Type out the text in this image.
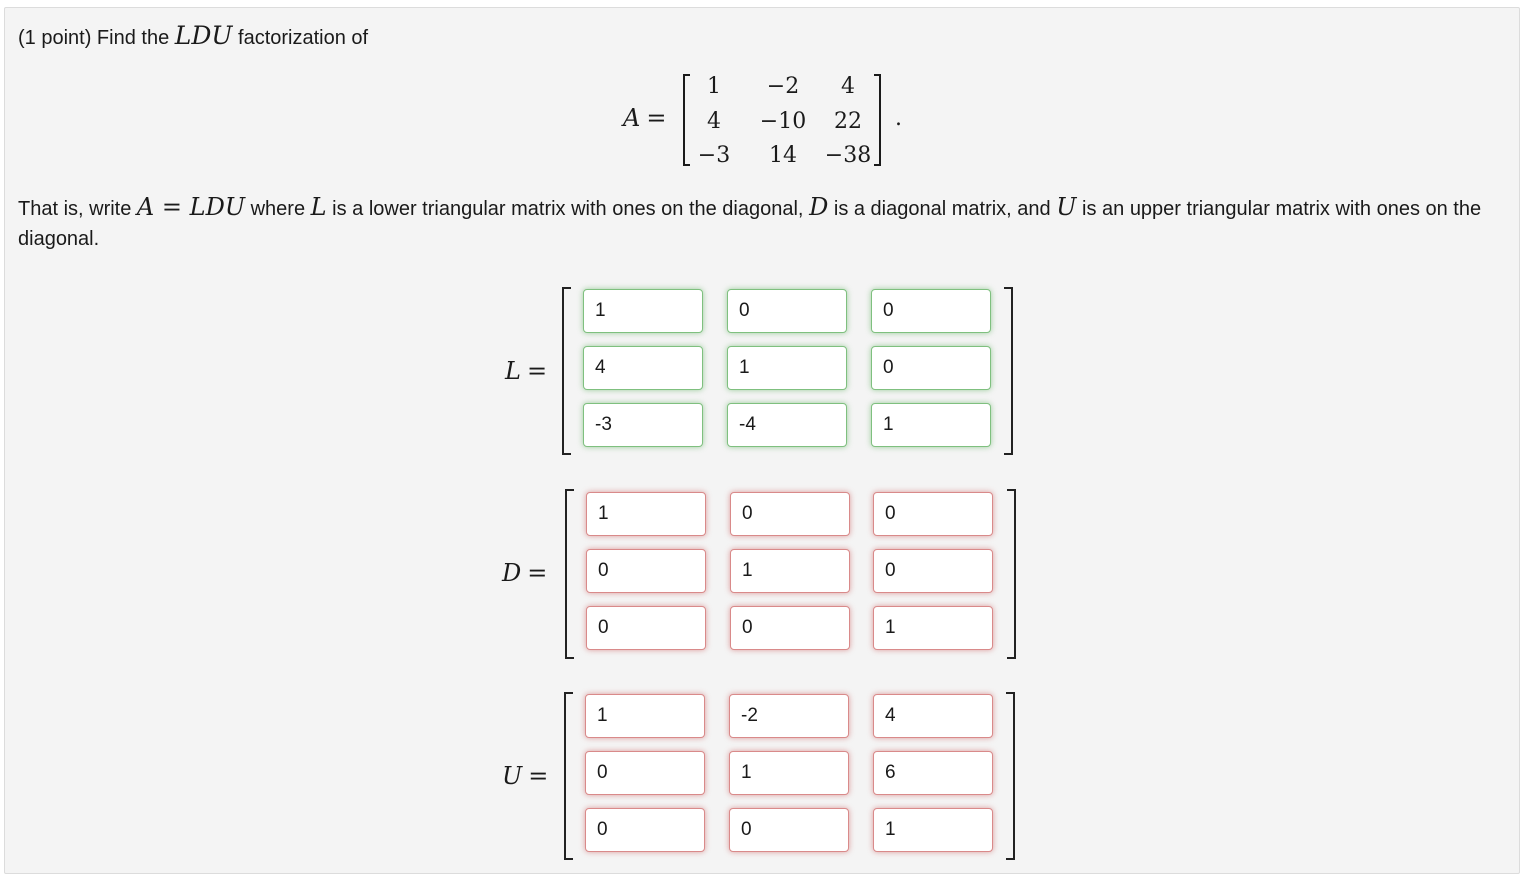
(1 point) Find the LDU factorization of
A =
1	−2	4
4	−10	22
−3	14	−38
.
That is, write A = LDU where L is a lower triangular matrix with ones on the diagonal, D is a diagonal matrix, and U is an upper triangular matrix with ones on the diagonal.
L =
1	0	0
4	1	0
-3	-4	1
D =
1	0	0
0	1	0
0	0	1
U =
1	-2	4
0	1	6
0	0	1
